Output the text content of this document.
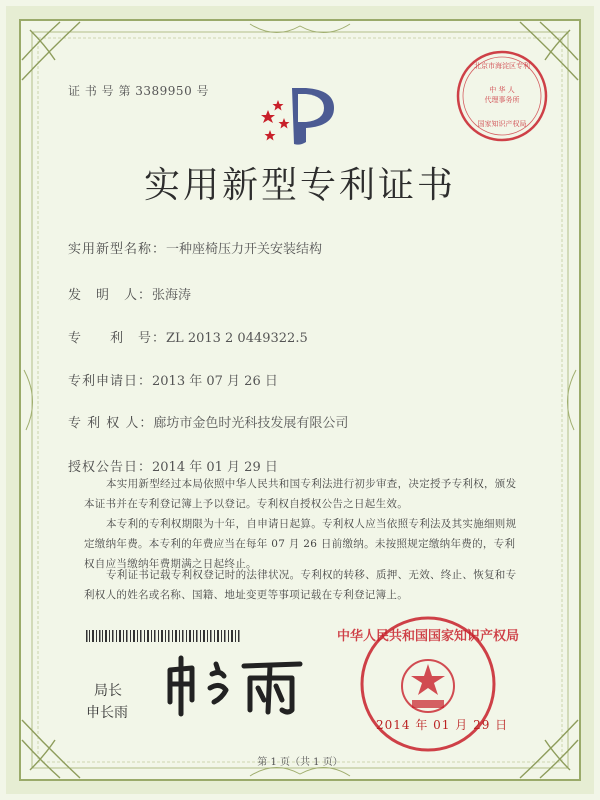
证 书 号 第 3389950 号
北京市海淀区专利
中 华 人
代理事务所
国家知识产权局
实用新型专利证书
实用新型名称：一种座椅压力开关安装结构
发　明　人：张海涛
专　　利　号：ZL 2013 2 0449322.5
专利申请日：2013 年 07 月 26 日
专 利 权 人：廊坊市金色时光科技发展有限公司
授权公告日：2014 年 01 月 29 日

本实用新型经过本局依照中华人民共和国专利法进行初步审查，决定授予专利权，颁发本证书并在专利登记簿上予以登记。专利权自授权公告之日起生效。

本专利的专利权期限为十年，自申请日起算。专利权人应当依照专利法及其实施细则规定缴纳年费。本专利的年费应当在每年 07 月 26 日前缴纳。未按照规定缴纳年费的，专利权自应当缴纳年费期满之日起终止。

专利证书记载专利权登记时的法律状况。专利权的转移、质押、无效、终止、恢复和专利权人的姓名或名称、国籍、地址变更等事项记载在专利登记簿上。

局长
申长雨
中华人民共和国国家知识产权局
2014 年 01 月 29 日
第 1 页（共 1 页）
